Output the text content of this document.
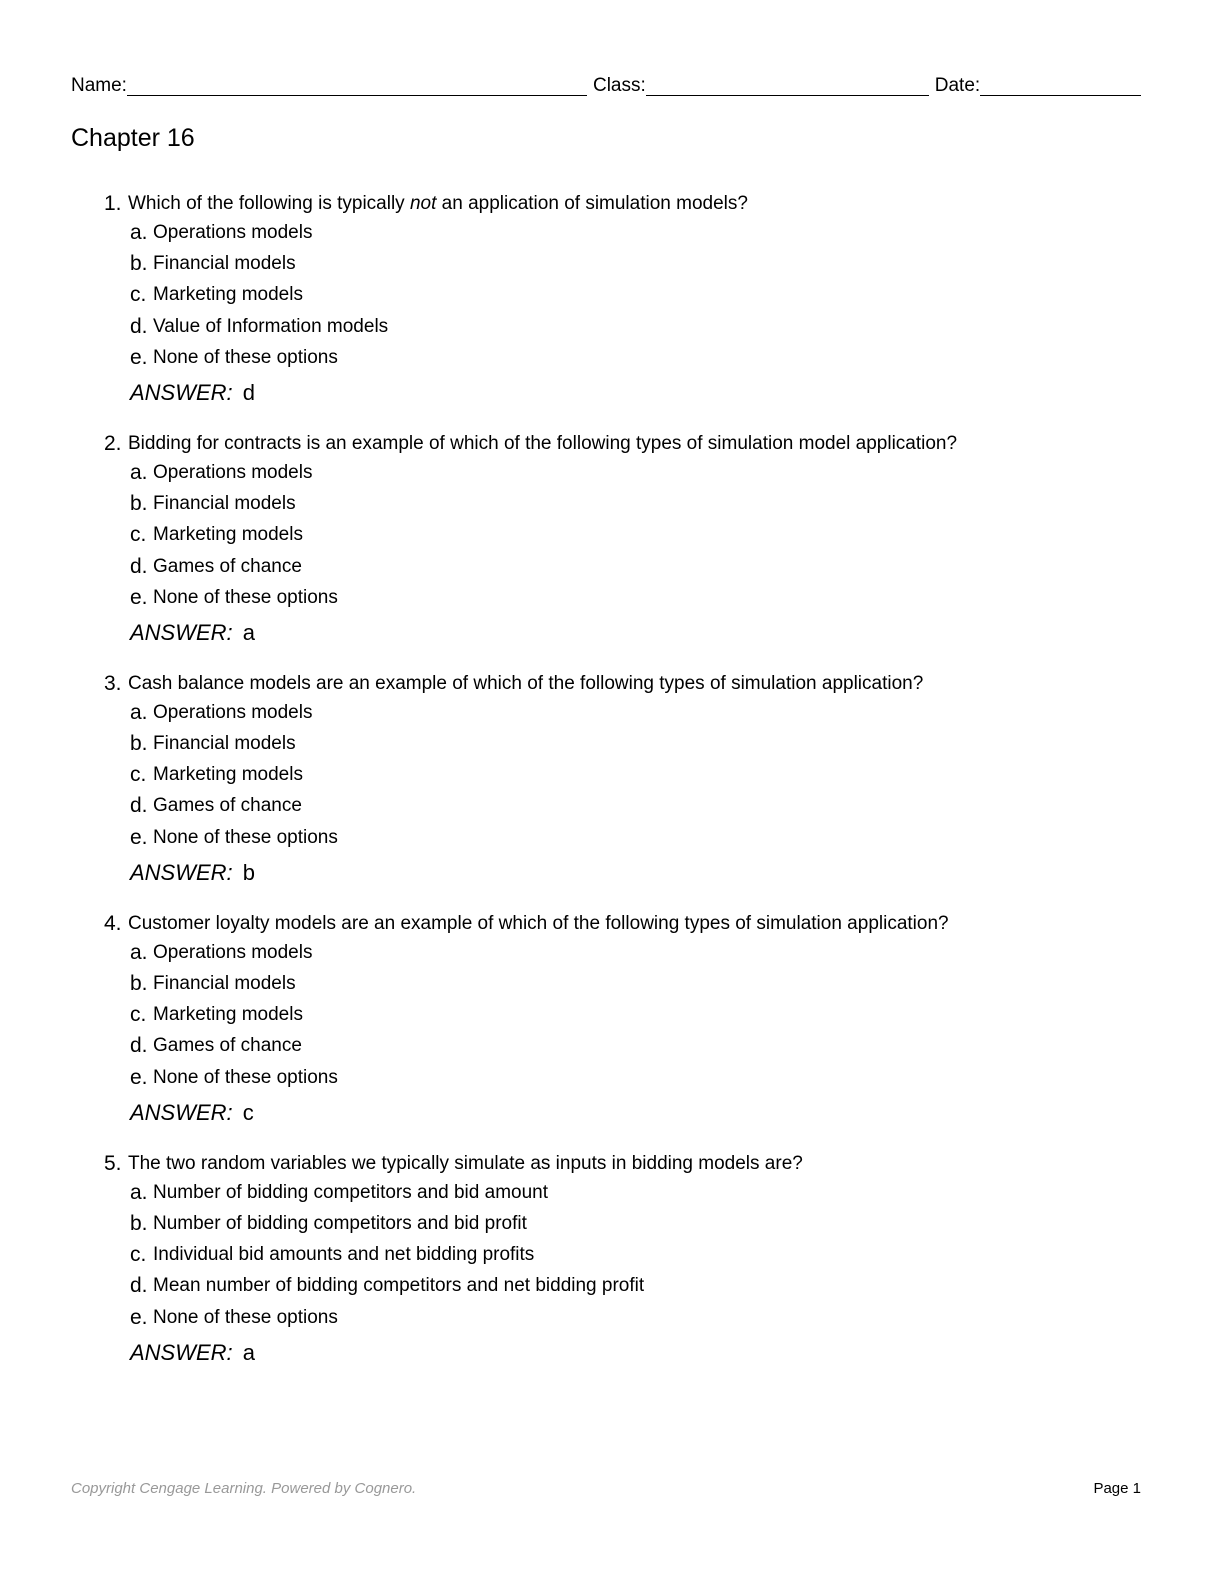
Name:	Class:	Date:
Chapter 16
1. Which of the following is typically not an application of simulation models?
a. Operations models
b. Financial models
c. Marketing models
d. Value of Information models
e. None of these options
ANSWER: d
2. Bidding for contracts is an example of which of the following types of simulation model application?
a. Operations models
b. Financial models
c. Marketing models
d. Games of chance
e. None of these options
ANSWER: a
3. Cash balance models are an example of which of the following types of simulation application?
a. Operations models
b. Financial models
c. Marketing models
d. Games of chance
e. None of these options
ANSWER: b
4. Customer loyalty models are an example of which of the following types of simulation application?
a. Operations models
b. Financial models
c. Marketing models
d. Games of chance
e. None of these options
ANSWER: c
5. The two random variables we typically simulate as inputs in bidding models are?
a. Number of bidding competitors and bid amount
b. Number of bidding competitors and bid profit
c. Individual bid amounts and net bidding profits
d. Mean number of bidding competitors and net bidding profit
e. None of these options
ANSWER: a
Copyright Cengage Learning. Powered by Cognero.	Page 1
